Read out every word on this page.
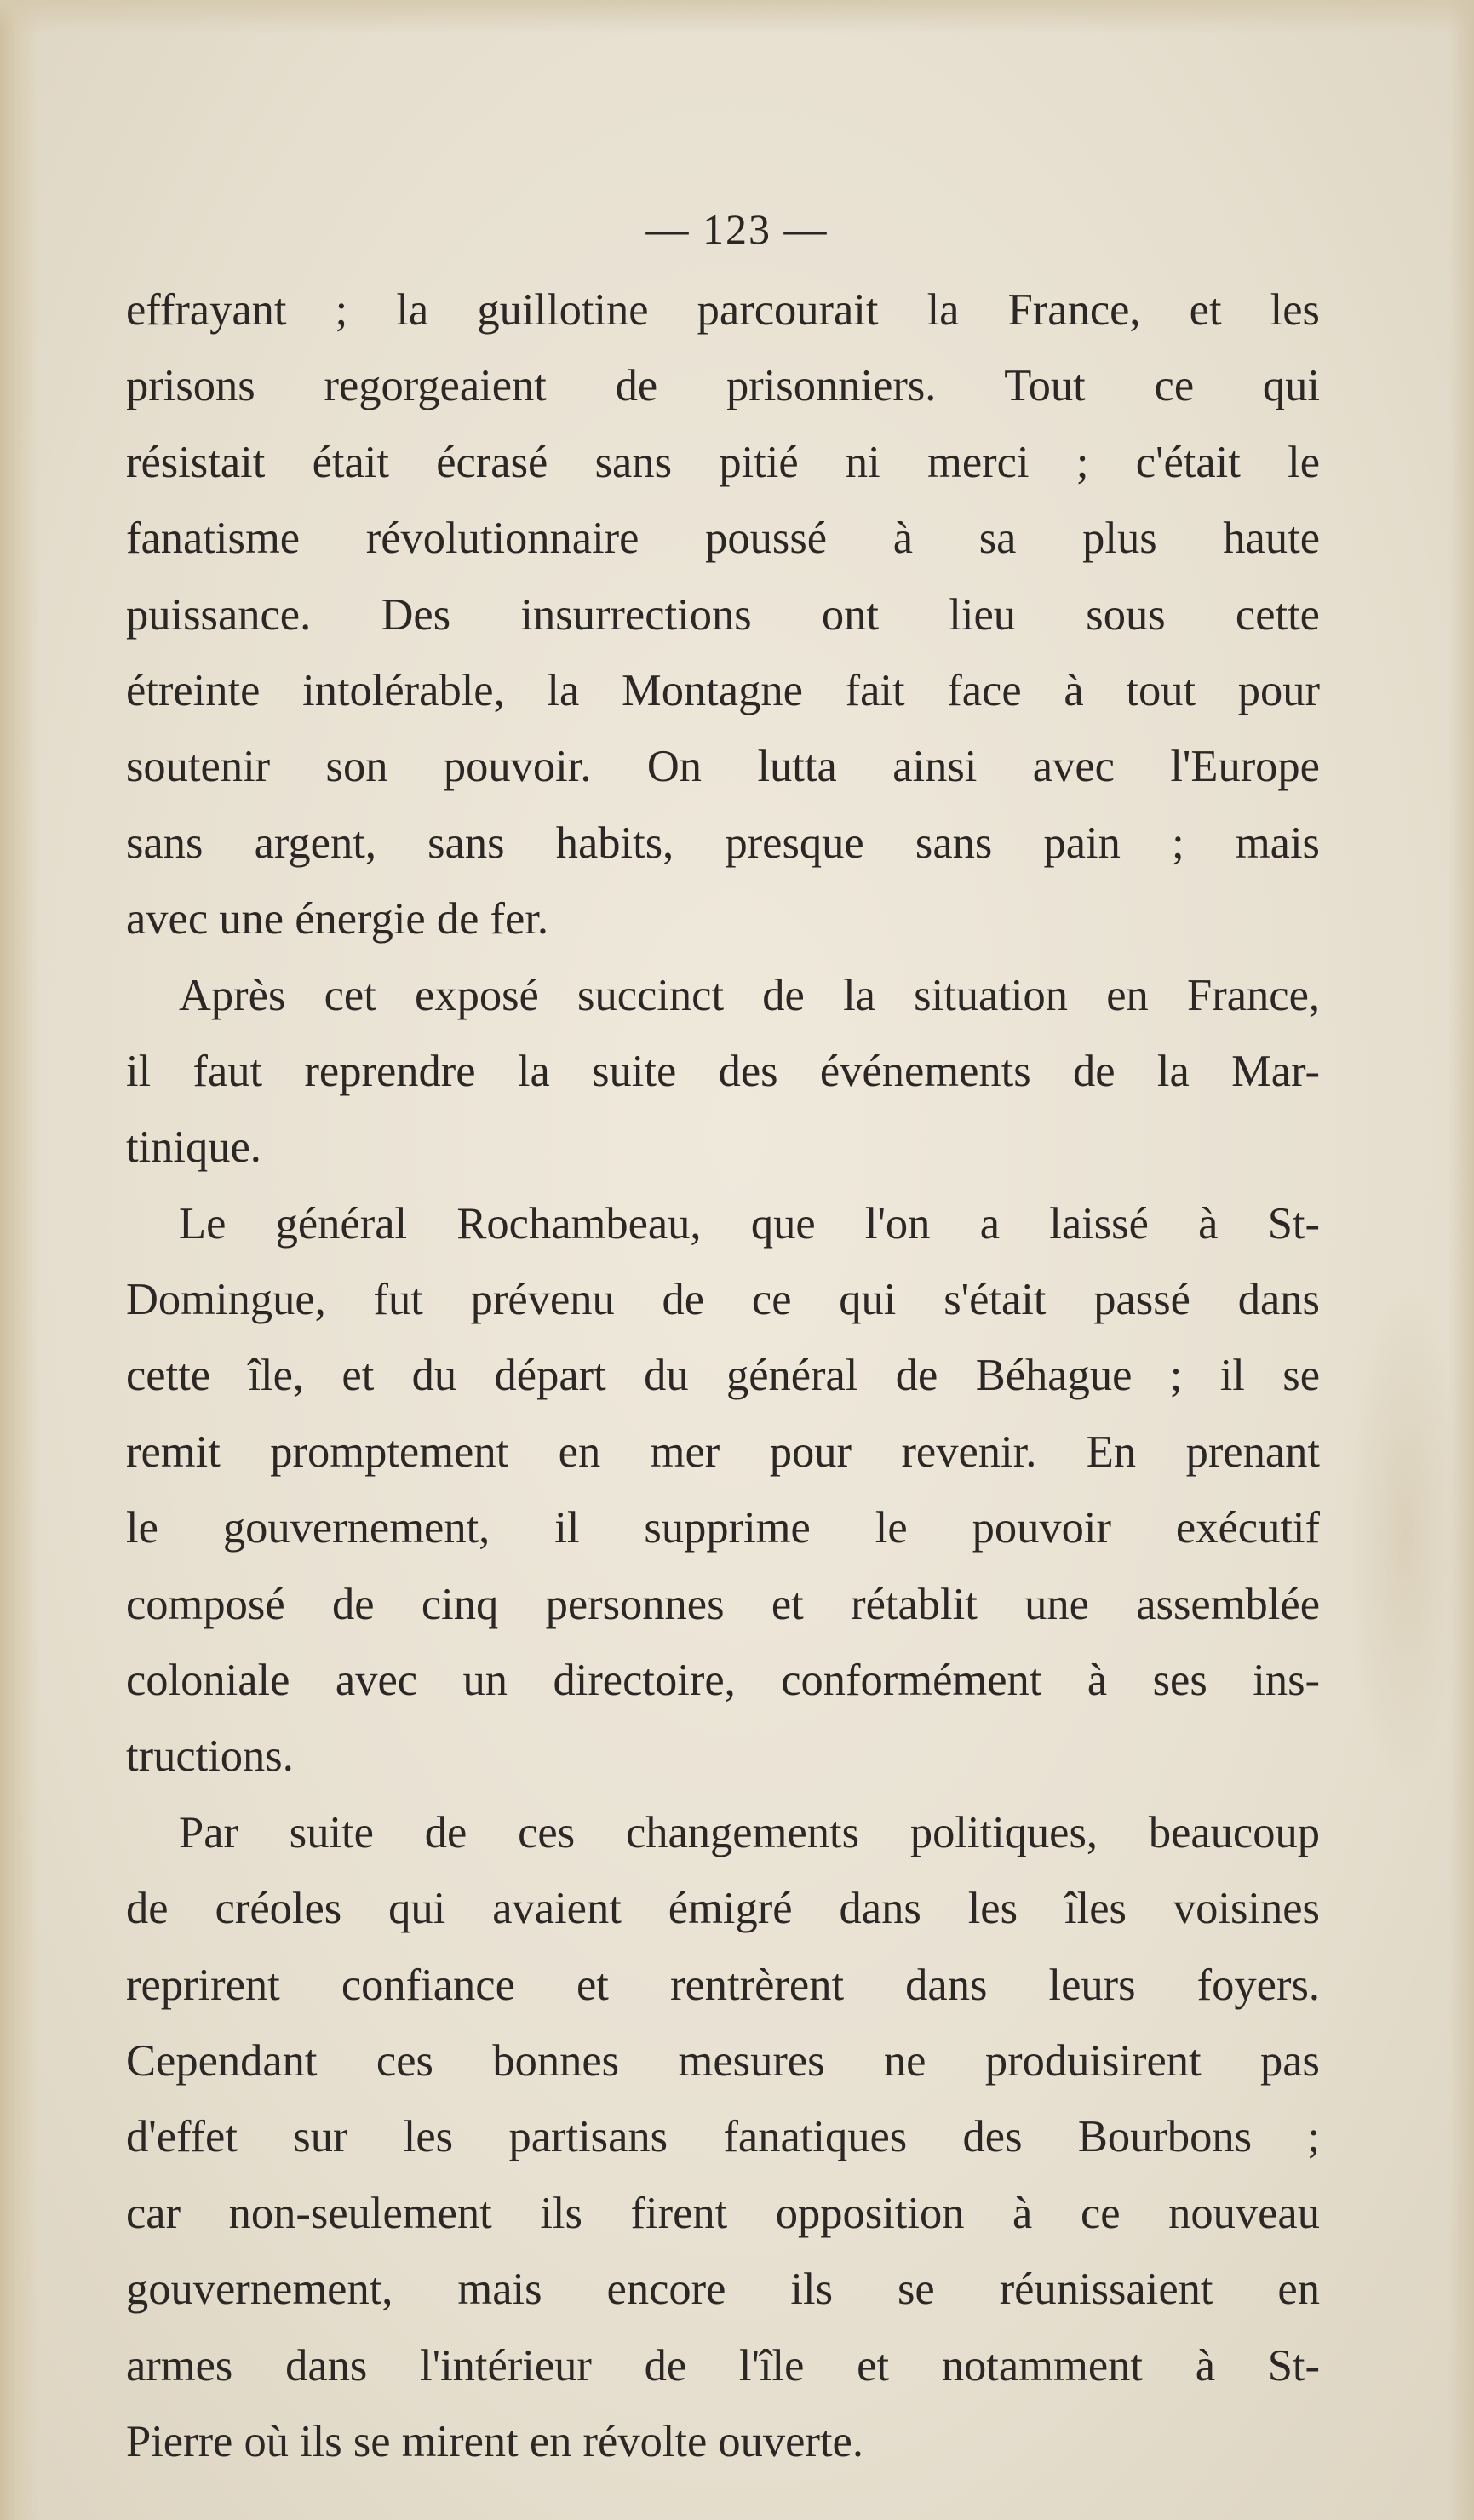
— 123 —
effrayant ; la guillotine parcourait la France, et les
prisons regorgeaient de prisonniers. Tout ce qui
résistait était écrasé sans pitié ni merci ; c'était le
fanatisme révolutionnaire poussé à sa plus haute
puissance. Des insurrections ont lieu sous cette
étreinte intolérable, la Montagne fait face à tout pour
soutenir son pouvoir. On lutta ainsi avec l'Europe
sans argent, sans habits, presque sans pain ; mais
avec une énergie de fer.
Après cet exposé succinct de la situation en France,
il faut reprendre la suite des événements de la Mar-
tinique.
Le général Rochambeau, que l'on a laissé à St-
Domingue, fut prévenu de ce qui s'était passé dans
cette île, et du départ du général de Béhague ; il se
remit promptement en mer pour revenir. En prenant
le gouvernement, il supprime le pouvoir exécutif
composé de cinq personnes et rétablit une assemblée
coloniale avec un directoire, conformément à ses ins-
tructions.
Par suite de ces changements politiques, beaucoup
de créoles qui avaient émigré dans les îles voisines
reprirent confiance et rentrèrent dans leurs foyers.
Cependant ces bonnes mesures ne produisirent pas
d'effet sur les partisans fanatiques des Bourbons ;
car non-seulement ils firent opposition à ce nouveau
gouvernement, mais encore ils se réunissaient en
armes dans l'intérieur de l'île et notamment à St-
Pierre où ils se mirent en révolte ouverte.
